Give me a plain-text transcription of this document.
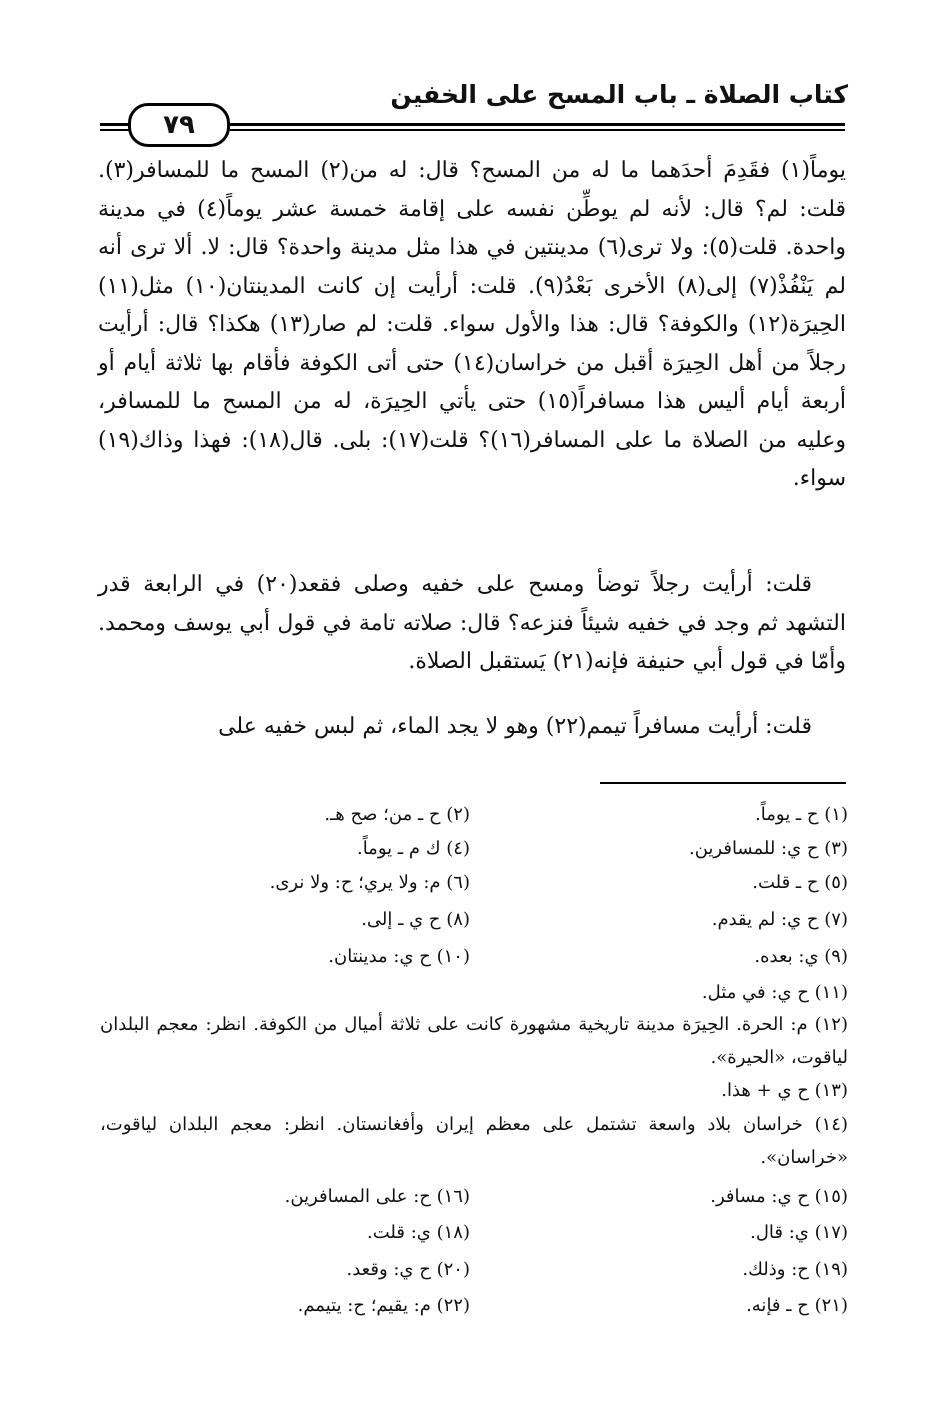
كتاب الصلاة ـ باب المسح على الخفين
٧٩

يوماً(١) فقَدِمَ أحدَهما ما له من المسح؟ قال: له من(٢) المسح ما للمسافر(٣). قلت: لم؟ قال: لأنه لم يوطِّن نفسه على إقامة خمسة عشر يوماً(٤) في مدينة واحدة. قلت(٥): ولا ترى(٦) مدينتين في هذا مثل مدينة واحدة؟ قال: لا. ألا ترى أنه لم يَنْفُذْ(٧) إلى(٨) الأخرى بَعْدُ(٩). قلت: أرأيت إن كانت المدينتان(١٠) مثل(١١) الحِيرَة(١٢) والكوفة؟ قال: هذا والأول سواء. قلت: لم صار(١٣) هكذا؟ قال: أرأيت رجلاً من أهل الحِيرَة أقبل من خراسان(١٤) حتى أتى الكوفة فأقام بها ثلاثة أيام أو أربعة أيام أليس هذا مسافراً(١٥) حتى يأتي الحِيرَة، له من المسح ما للمسافر، وعليه من الصلاة ما على المسافر(١٦)؟ قلت(١٧): بلى. قال(١٨): فهذا وذاك(١٩) سواء.

قلت: أرأيت رجلاً توضأ ومسح على خفيه وصلى فقعد(٢٠) في الرابعة قدر التشهد ثم وجد في خفيه شيئاً فنزعه؟ قال: صلاته تامة في قول أبي يوسف ومحمد. وأمّا في قول أبي حنيفة فإنه(٢١) يَستقبل الصلاة.

قلت: أرأيت مسافراً تيمم(٢٢) وهو لا يجد الماء، ثم لبس خفيه على

(١) ح ـ يوماً.
(٢) ح ـ من؛ صح هـ.
(٣) ح ي: للمسافرين.
(٤) ك م ـ يوماً.
(٥) ح ـ قلت.
(٦) م: ولا يري؛ ح: ولا نرى.
(٧) ح ي: لم يقدم.
(٨) ح ي ـ إلى.
(٩) ي: بعده.
(١٠) ح ي: مدينتان.
(١١) ح ي: في مثل.
(١٢) م: الحرة. الحِيرَة مدينة تاريخية مشهورة كانت على ثلاثة أميال من الكوفة. انظر: معجم البلدان لياقوت، «الحيرة».
(١٣) ح ي + هذا.
(١٤) خراسان بلاد واسعة تشتمل على معظم إيران وأفغانستان. انظر: معجم البلدان لياقوت، «خراسان».
(١٥) ح ي: مسافر.
(١٦) ح: على المسافرين.
(١٧) ي: قال.
(١٨) ي: قلت.
(١٩) ح: وذلك.
(٢٠) ح ي: وقعد.
(٢١) ح ـ فإنه.
(٢٢) م: يقيم؛ ح: يتيمم.
